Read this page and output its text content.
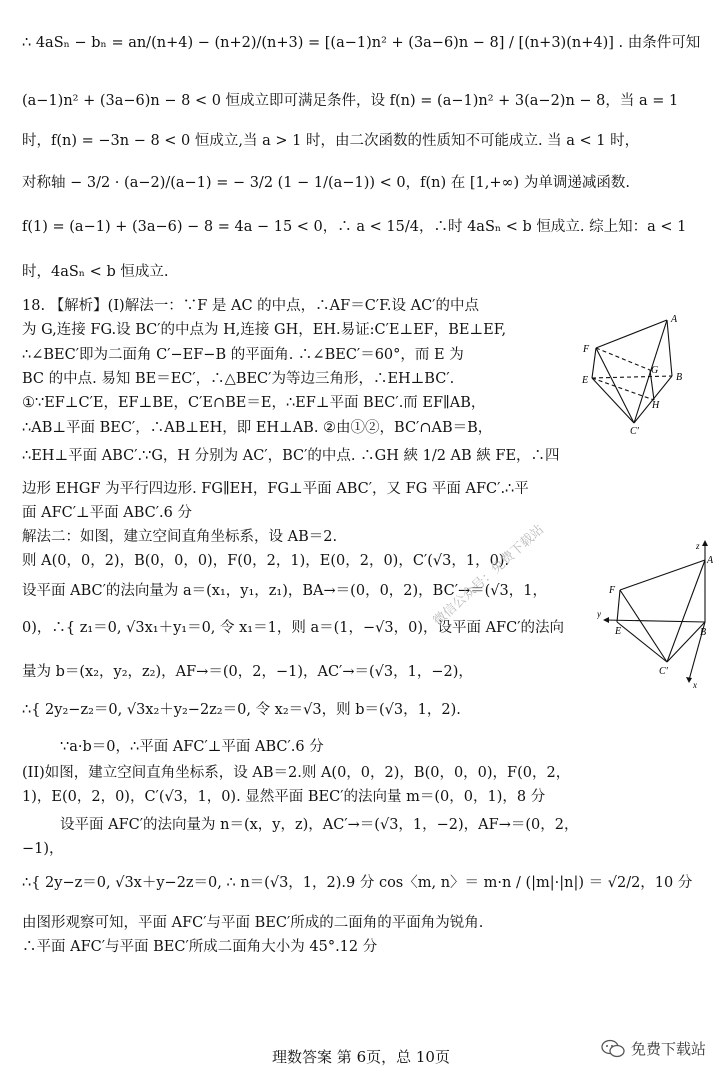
∴ 4aSₙ − bₙ = an/(n+4) − (n+2)/(n+3) = [(a−1)n² + (3a−6)n − 8] / [(n+3)(n+4)] . 由条件可知
(a−1)n² + (3a−6)n − 8 < 0 恒成立即可满足条件，设 f(n) = (a−1)n² + 3(a−2)n − 8，当 a = 1
时，f(n) = −3n − 8 < 0 恒成立,当 a > 1 时，由二次函数的性质知不可能成立. 当 a < 1 时，
对称轴 − 3/2 · (a−2)/(a−1) = − 3/2 (1 − 1/(a−1)) < 0，f(n) 在 [1,+∞) 为单调递减函数.
f(1) = (a−1) + (3a−6) − 8 = 4a − 15 < 0，∴ a < 15/4，∴时 4aSₙ < b 恒成立. 综上知：a < 1
时，4aSₙ < b 恒成立.
18. 【解析】(I)解法一：∵F 是 AC 的中点，∴AF＝C′F.设 AC′的中点
为 G,连接 FG.设 BC′的中点为 H,连接 GH，EH.易证:C′E⊥EF，BE⊥EF,
∴∠BEC′即为二面角 C′−EF−B 的平面角. ∴∠BEC′＝60°，而 E 为
BC 的中点. 易知 BE＝EC′，∴△BEC′为等边三角形，∴EH⊥BC′.
①∵EF⊥C′E，EF⊥BE，C′E∩BE＝E，∴EF⊥平面 BEC′.而 EF∥AB，
∴AB⊥平面 BEC′，∴AB⊥EH，即 EH⊥AB. ②由①②，BC′∩AB＝B，
∴EH⊥平面 ABC′.∵G，H 分别为 AC′，BC′的中点. ∴GH 綊 1/2 AB 綊 FE，∴四
边形 EHGF 为平行四边形. FG∥EH，FG⊥平面 ABC′，又 FG 平面 AFC′.∴平
面 AFC′⊥平面 ABC′.6 分
解法二：如图，建立空间直角坐标系，设 AB＝2.
则 A(0，0，2)，B(0，0，0)，F(0，2，1)，E(0，2，0)，C′(√3，1，0).
设平面 ABC′的法向量为 a＝(x₁，y₁，z₁)，BA→＝(0，0，2)，BC′→＝(√3，1，
0)，∴{ z₁＝0, √3x₁＋y₁＝0, 令 x₁＝1，则 a＝(1，−√3，0)，设平面 AFC′的法向
量为 b＝(x₂，y₂，z₂)，AF→＝(0，2，−1)，AC′→＝(√3，1，−2)，
∴{ 2y₂−z₂＝0, √3x₂＋y₂−2z₂＝0, 令 x₂＝√3，则 b＝(√3，1，2).
∵a·b＝0，∴平面 AFC′⊥平面 ABC′.6 分
(II)如图，建立空间直角坐标系，设 AB＝2.则 A(0，0，2)，B(0，0，0)，F(0，2，
1)，E(0，2，0)，C′(√3，1，0). 显然平面 BEC′的法向量 m＝(0，0，1)，8 分
设平面 AFC′的法向量为 n＝(x，y，z)，AC′→＝(√3，1，−2)，AF→＝(0，2，
−1)，
∴{ 2y−z＝0, √3x＋y−2z＝0, ∴ n＝(√3，1，2).9 分 cos〈m, n〉＝ m·n / (|m|·|n|) ＝ √2/2，10 分
由图形观察可知，平面 AFC′与平面 BEC′所成的二面角的平面角为锐角.
∴平面 AFC′与平面 BEC′所成二面角大小为 45°.12 分
A
F
G
E	B
H
C′
z
A
F
y
E	B
C′
x
微信公众号：免费下载站
理数答案 第 6页，总 10页	免费下载站
